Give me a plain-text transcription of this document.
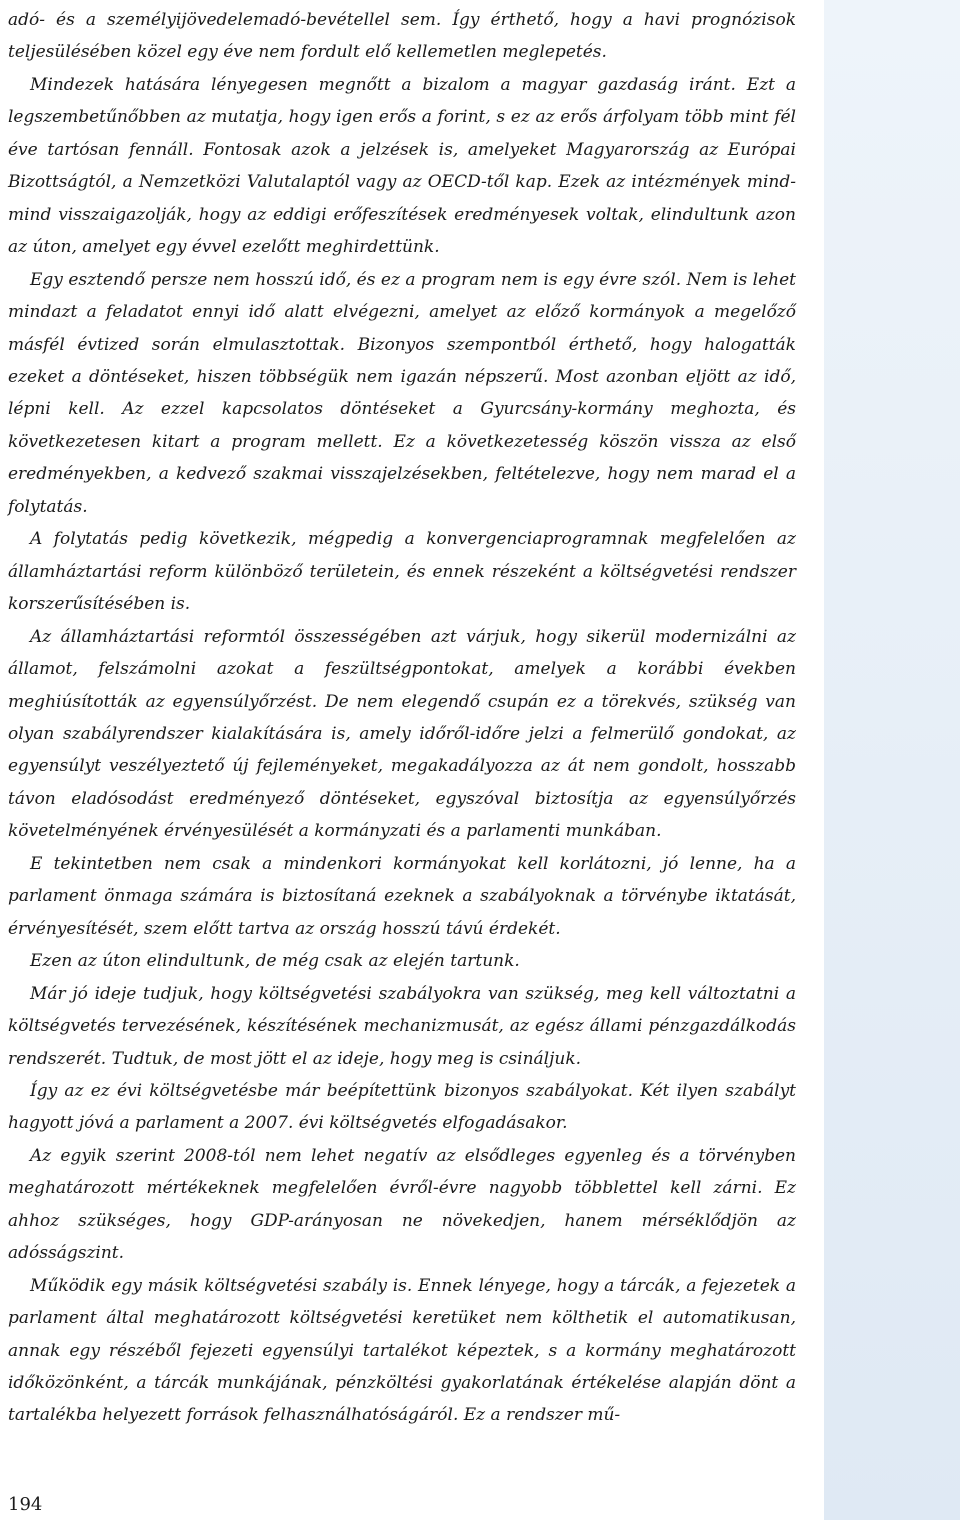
adó- és a személyijövedelemadó-bevétellel sem. Így érthető, hogy a havi prognózisok teljesülésében közel egy éve nem fordult elő kellemetlen meglepetés.

Mindezek hatására lényegesen megnőtt a bizalom a magyar gazdaság iránt. Ezt a legszembetűnőbben az mutatja, hogy igen erős a forint, s ez az erős árfolyam több mint fél éve tartósan fennáll. Fontosak azok a jelzések is, amelyeket Magyarország az Európai Bizottságtól, a Nemzetközi Valutalaptól vagy az OECD-től kap. Ezek az intézmények mind-mind visszaigazolják, hogy az eddigi erőfeszítések eredményesek voltak, elindultunk azon az úton, amelyet egy évvel ezelőtt meghirdettünk.

Egy esztendő persze nem hosszú idő, és ez a program nem is egy évre szól. Nem is lehet mindazt a feladatot ennyi idő alatt elvégezni, amelyet az előző kormányok a megelőző másfél évtized során elmulasztottak. Bizonyos szempontból érthető, hogy halogatták ezeket a döntéseket, hiszen többségük nem igazán népszerű. Most azonban eljött az idő, lépni kell. Az ezzel kapcsolatos döntéseket a Gyurcsány-kormány meghozta, és következetesen kitart a program mellett. Ez a következetesség köszön vissza az első eredményekben, a kedvező szakmai visszajelzésekben, feltételezve, hogy nem marad el a folytatás.

A folytatás pedig következik, mégpedig a konvergenciaprogramnak megfelelően az államháztartási reform különböző területein, és ennek részeként a költségvetési rendszer korszerűsítésében is.

Az államháztartási reformtól összességében azt várjuk, hogy sikerül modernizálni az államot, felszámolni azokat a feszültségpontokat, amelyek a korábbi években meghiúsították az egyensúlyőrzést. De nem elegendő csupán ez a törekvés, szükség van olyan szabályrendszer kialakítására is, amely időről-időre jelzi a felmerülő gondokat, az egyensúlyt veszélyeztető új fejleményeket, megakadályozza az át nem gondolt, hosszabb távon eladósodást eredményező döntéseket, egyszóval biztosítja az egyensúlyőrzés követelményének érvényesülését a kormányzati és a parlamenti munkában.

E tekintetben nem csak a mindenkori kormányokat kell korlátozni, jó lenne, ha a parlament önmaga számára is biztosítaná ezeknek a szabályoknak a törvénybe iktatását, érvényesítését, szem előtt tartva az ország hosszú távú érdekét.

Ezen az úton elindultunk, de még csak az elején tartunk.

Már jó ideje tudjuk, hogy költségvetési szabályokra van szükség, meg kell változtatni a költségvetés tervezésének, készítésének mechanizmusát, az egész állami pénzgazdálkodás rendszerét. Tudtuk, de most jött el az ideje, hogy meg is csináljuk.

Így az ez évi költségvetésbe már beépítettünk bizonyos szabályokat. Két ilyen szabályt hagyott jóvá a parlament a 2007. évi költségvetés elfogadásakor.

Az egyik szerint 2008-tól nem lehet negatív az elsődleges egyenleg és a törvényben meghatározott mértékeknek megfelelően évről-évre nagyobb többlettel kell zárni. Ez ahhoz szükséges, hogy GDP-arányosan ne növekedjen, hanem mérséklődjön az adósságszint.

Működik egy másik költségvetési szabály is. Ennek lényege, hogy a tárcák, a fejezetek a parlament által meghatározott költségvetési keretüket nem költhetik el automatikusan, annak egy részéből fejezeti egyensúlyi tartalékot képeztek, s a kormány meghatározott időközönként, a tárcák munkájának, pénzköltési gyakorlatának értékelése alapján dönt a tartalékba helyezett források felhasználhatóságáról. Ez a rendszer mű-

194
